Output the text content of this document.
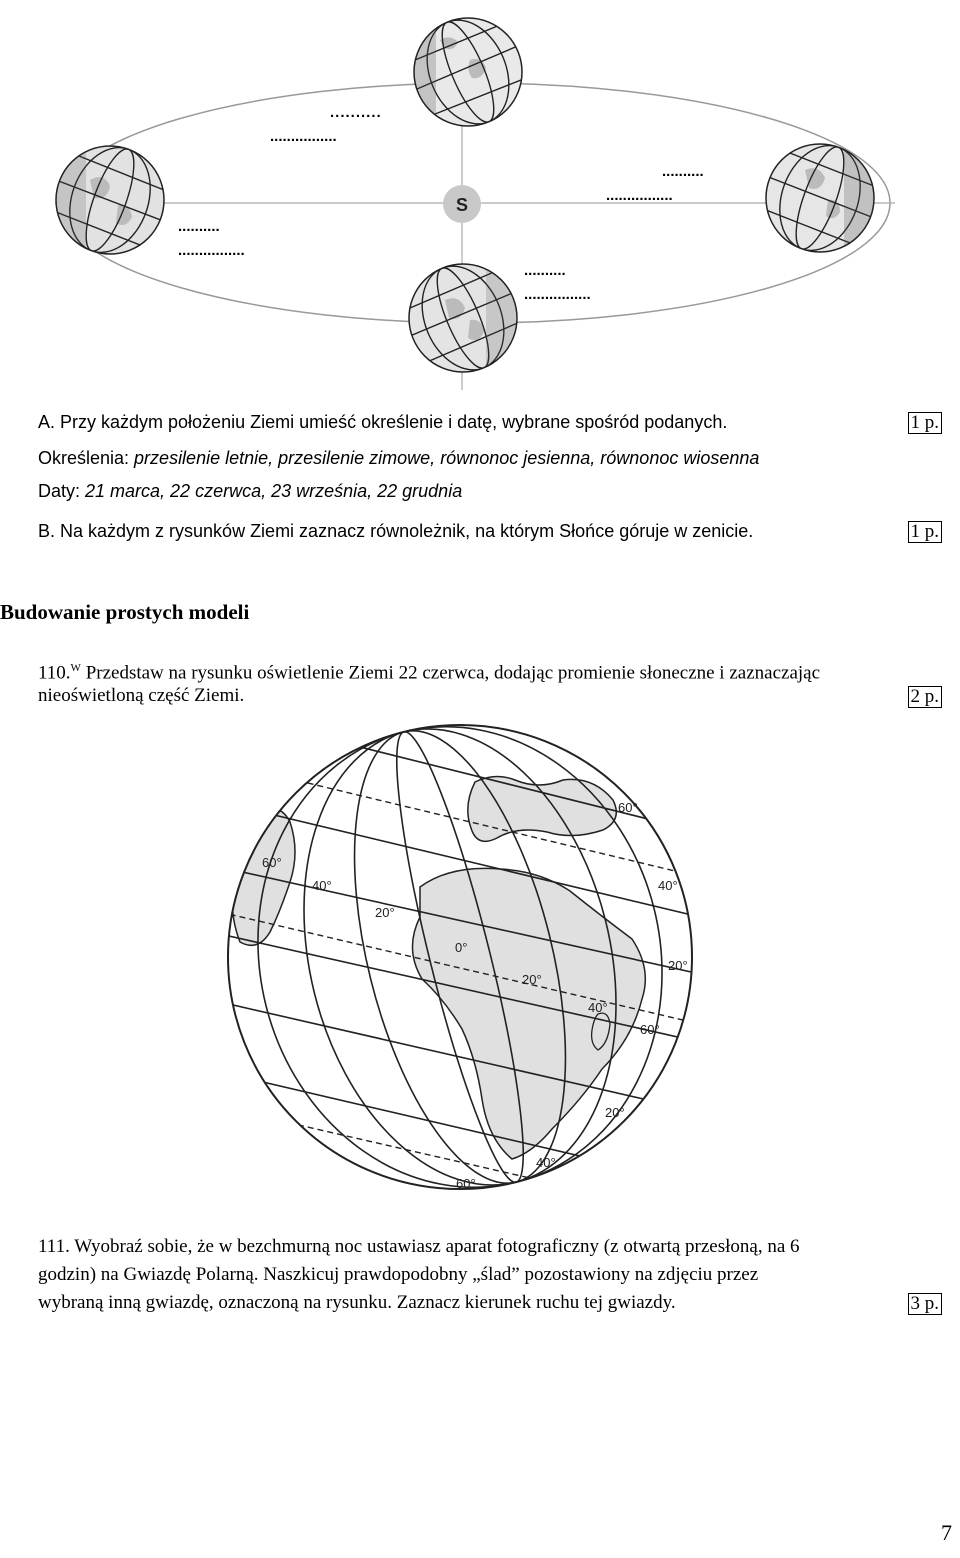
S
..........
................
..........
................
..........
................
..........
................
A. Przy każdym położeniu Ziemi umieść określenie i datę, wybrane spośród podanych.	1 p.
Określenia: przesilenie letnie, przesilenie zimowe, równonoc jesienna, równonoc wiosenna
Daty: 21 marca, 22 czerwca, 23 września, 22 grudnia
B. Na każdym z rysunków Ziemi zaznacz równoleżnik, na którym Słońce góruje w zenicie.	1 p.
Budowanie prostych modeli
110.$^W$ Przedstaw na rysunku oświetlenie Ziemi 22 czerwca, dodając promienie słoneczne i zaznaczając
nieoświetloną część Ziemi.	2 p.
60°
40°
20°
0°
60°
40°
20°
20°
40°
60°
20°
40°
60°
111. Wyobraź sobie, że w bezchmurną noc ustawiasz aparat fotograficzny (z otwartą przesłoną, na 6
godzin) na Gwiazdę Polarną. Naszkicuj prawdopodobny „ślad” pozostawiony na zdjęciu przez
wybraną inną gwiazdę, oznaczoną na rysunku. Zaznacz kierunek ruchu tej gwiazdy.	3 p.
7
